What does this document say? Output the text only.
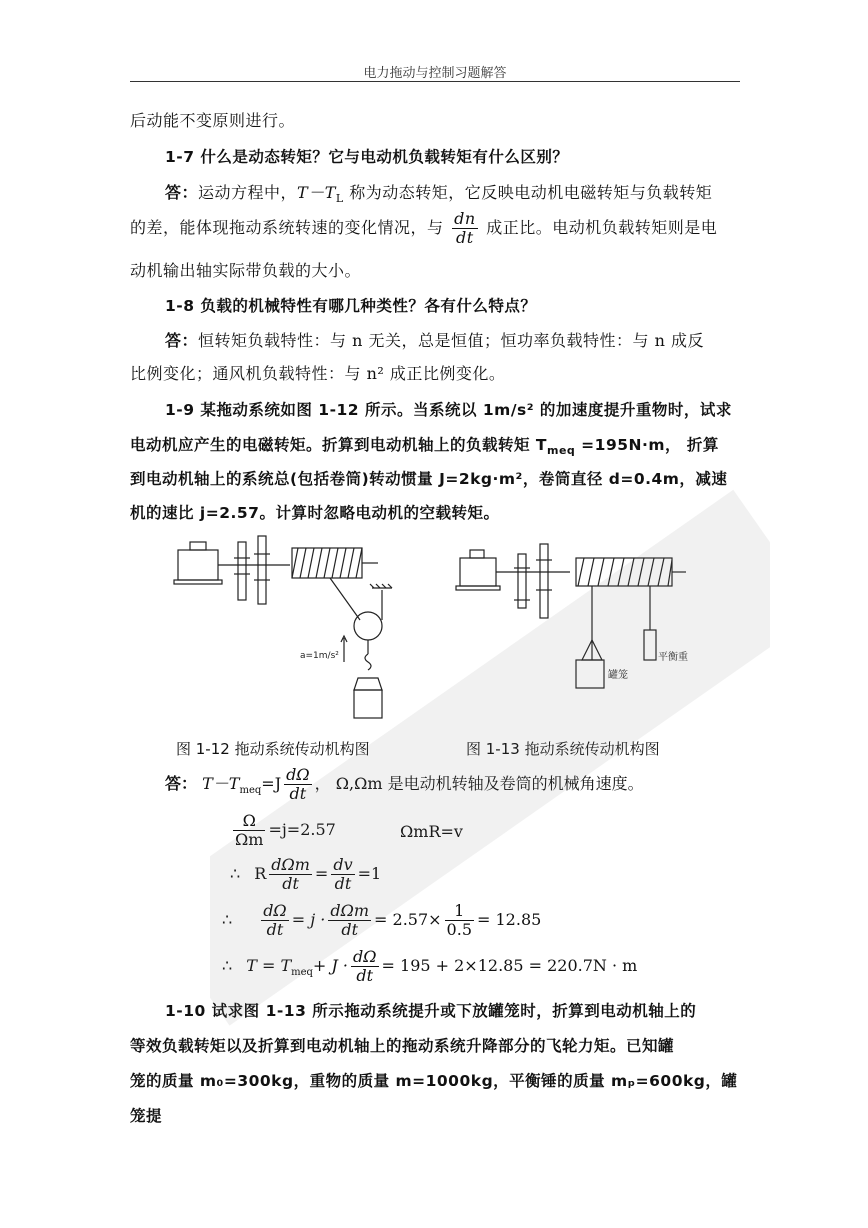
电力拖动与控制习题解答
后动能不变原则进行。
1-7 什么是动态转矩？它与电动机负载转矩有什么区别？
答：运动方程中，$T-T_L$ 称为动态转矩，它反映电动机电磁转矩与负载转矩
的差，能体现拖动系统转速的变化情况，与 $\frac{dn}{dt}$ 成正比。电动机负载转矩则是电
动机输出轴实际带负载的大小。
1-8 负载的机械特性有哪几种类性？各有什么特点？
答：恒转矩负载特性：与 n 无关，总是恒值；恒功率负载特性：与 n 成反
比例变化；通风机负载特性：与 n² 成正比例变化。
1-9 某拖动系统如图 1-12 所示。当系统以 1m/s² 的加速度提升重物时，试求
电动机应产生的电磁转矩。折算到电动机轴上的负载转矩 $T_{meq} =195N\cdot m$， 折算
到电动机轴上的系统总(包括卷筒)转动惯量 J=2kg·m²，卷筒直径 d=0.4m，减速
机的速比 j=2.57。计算时忽略电动机的空载转矩。
a=1m/s²
罐笼
平衡重
图 1-12 拖动系统传动机构图	图 1-13 拖动系统传动机构图
答： $T-T_{meq}=J \frac{d\Omega}{dt}$ ， Ω,Ωm 是电动机转轴及卷筒的机械角速度。
$\frac{\Omega}{\Omega m} =j=2.57$	ΩmR=v
∴ R $\frac{\text{dΩm}}{dt} = \frac{dv}{dt} =1$
∴ $\frac{d\Omega}{dt} = j \cdot \frac{\text{dΩm}}{dt} = 2.57\times \frac{1}{0.5} = 12.85$
∴ $T = T_{meq}+ J \cdot \frac{d\Omega}{dt} = 195 + 2\times 12.85 = 220.7N \cdot m$
1-10 试求图 1-13 所示拖动系统提升或下放罐笼时，折算到电动机轴上的
等效负载转矩以及折算到电动机轴上的拖动系统升降部分的飞轮力矩。已知罐
笼的质量 m₀=300kg，重物的质量 m=1000kg，平衡锤的质量 mₚ=600kg，罐笼提
